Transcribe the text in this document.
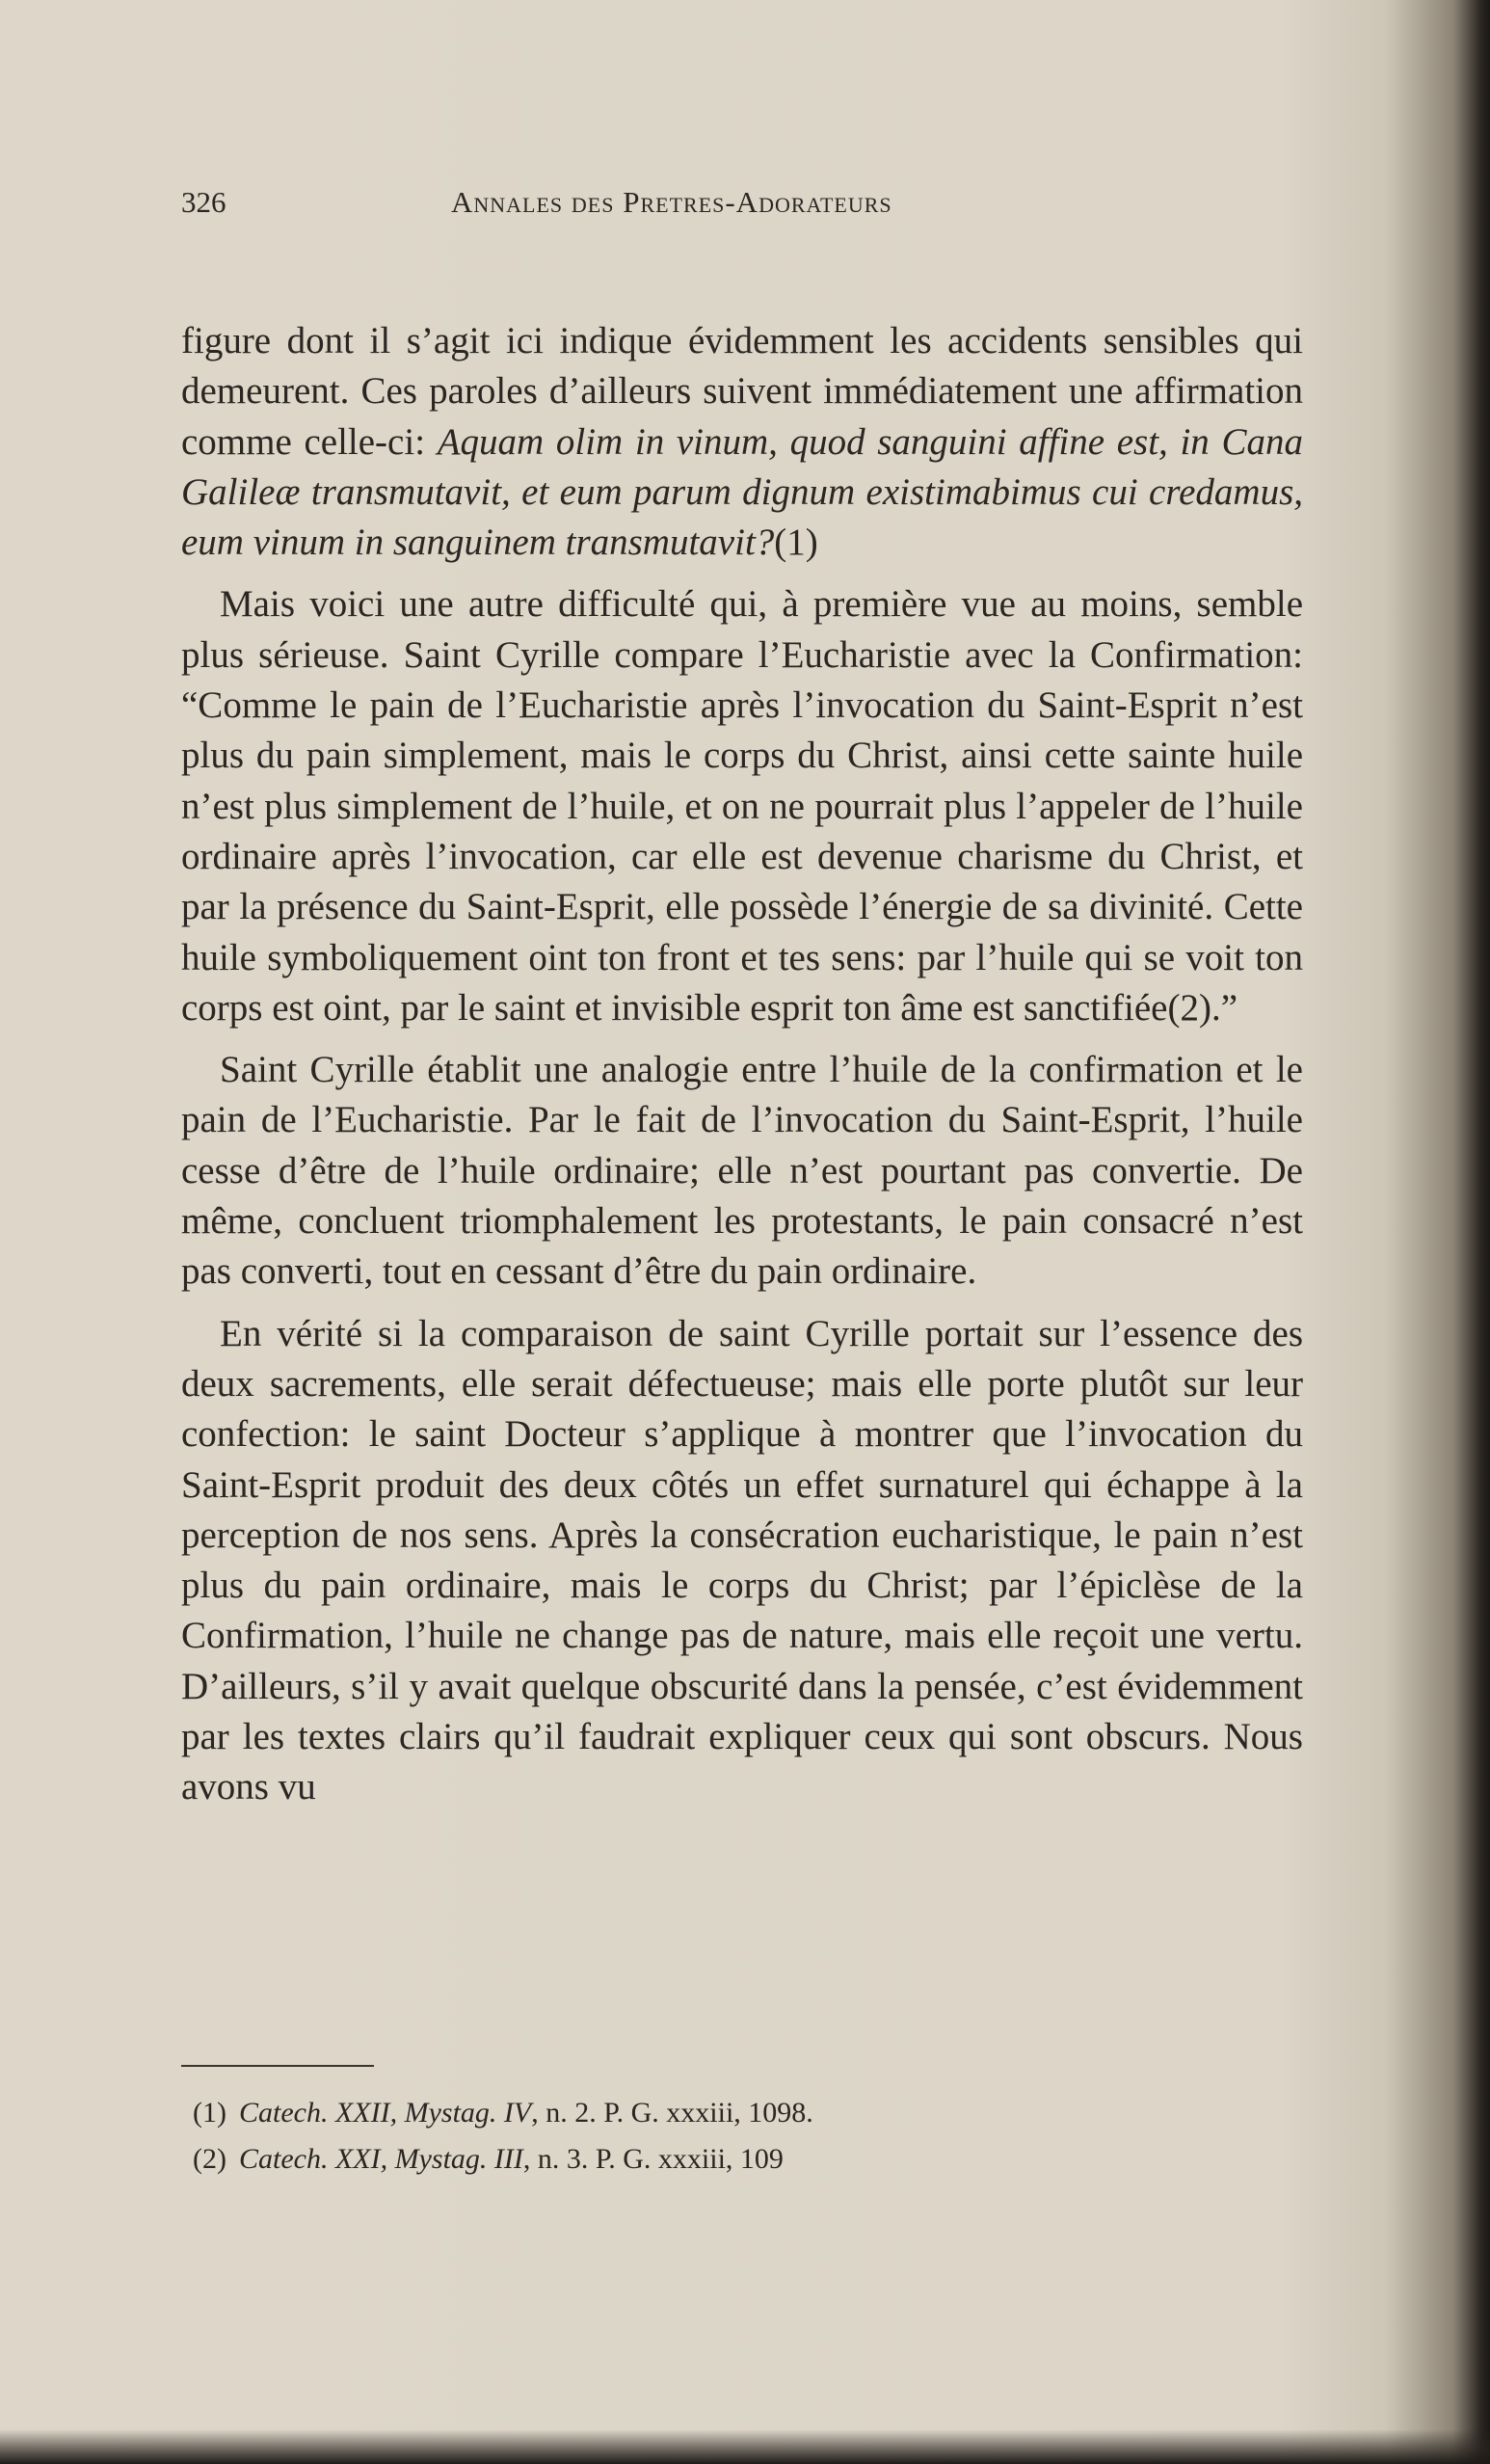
326	Annales des Pretres-Adorateurs

figure dont il s’agit ici indique évidemment les accidents sensibles qui demeurent. Ces paroles d’ailleurs suivent immédiatement une affirmation comme celle-ci: Aquam olim in vinum, quod sanguini affine est, in Cana Galileæ transmutavit, et eum parum dignum existimabimus cui credamus, eum vinum in sanguinem transmutavit?(1)

Mais voici une autre difficulté qui, à première vue au moins, semble plus sérieuse. Saint Cyrille compare l’Eucharistie avec la Confirmation: “Comme le pain de l’Eucharistie après l’invocation du Saint-Esprit n’est plus du pain simplement, mais le corps du Christ, ainsi cette sainte huile n’est plus simplement de l’huile, et on ne pourrait plus l’appeler de l’huile ordinaire après l’invocation, car elle est devenue charisme du Christ, et par la présence du Saint-Esprit, elle possède l’énergie de sa divinité. Cette huile symboliquement oint ton front et tes sens: par l’huile qui se voit ton corps est oint, par le saint et invisible esprit ton âme est sanctifiée(2).”

Saint Cyrille établit une analogie entre l’huile de la confirmation et le pain de l’Eucharistie. Par le fait de l’invocation du Saint-Esprit, l’huile cesse d’être de l’huile ordinaire; elle n’est pourtant pas convertie. De même, concluent triomphalement les protestants, le pain consacré n’est pas converti, tout en cessant d’être du pain ordinaire.

En vérité si la comparaison de saint Cyrille portait sur l’essence des deux sacrements, elle serait défectueuse; mais elle porte plutôt sur leur confection: le saint Docteur s’applique à montrer que l’invocation du Saint-Esprit produit des deux côtés un effet surnaturel qui échappe à la perception de nos sens. Après la consécration eucharistique, le pain n’est plus du pain ordinaire, mais le corps du Christ; par l’épiclèse de la Confirmation, l’huile ne change pas de nature, mais elle reçoit une vertu. D’ailleurs, s’il y avait quelque obscurité dans la pensée, c’est évidemment par les textes clairs qu’il faudrait expliquer ceux qui sont obscurs. Nous avons vu

(1) Catech. XXII, Mystag. IV, n. 2. P. G. xxxiii, 1098.
(2) Catech. XXI, Mystag. III, n. 3. P. G. xxxiii, 109
